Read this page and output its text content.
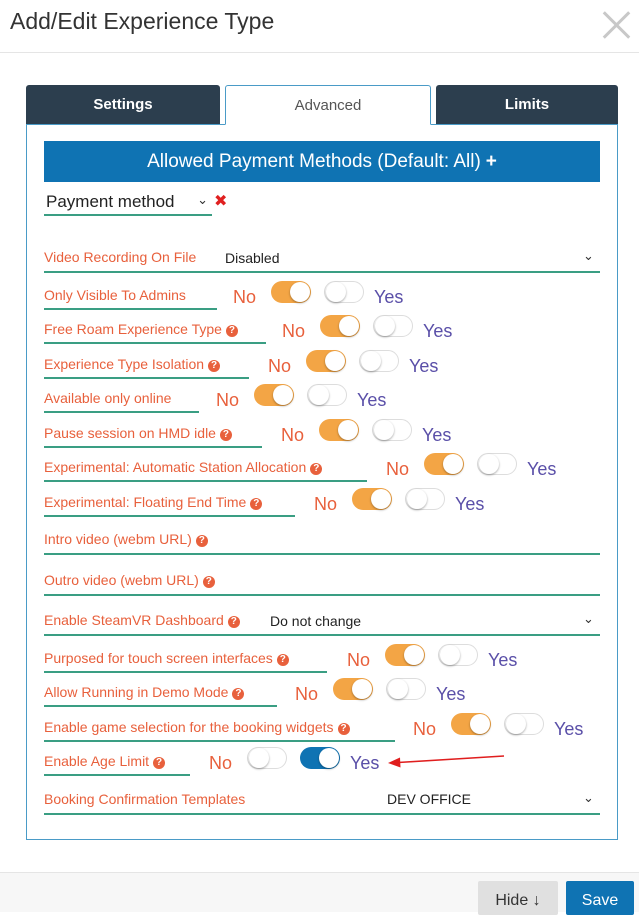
Add/Edit Experience Type
Settings	Advanced	Limits
Allowed Payment Methods (Default: All) +
Payment method ⌄ ✖
Video Recording On File Disabled	⌄
Only Visible To Admins	No	Yes
Free Roam Experience Type ?	No	Yes
Experience Type Isolation ?	No	Yes
Available only online No	Yes
Pause session on HMD idle ?	No	Yes
Experimental: Automatic Station Allocation ?	No	Yes
Experimental: Floating End Time ?	No	Yes
Intro video (webm URL) ?
Outro video (webm URL) ?
Enable SteamVR Dashboard ? Do not change	⌄
Purposed for touch screen interfaces ?	No	Yes
Allow Running in Demo Mode ?	No	Yes
Enable game selection for the booking widgets ?	No	Yes
Enable Age Limit ?	No	Yes
Booking Confirmation Templates	DEV OFFICE	⌄
Hide ↓	Save
